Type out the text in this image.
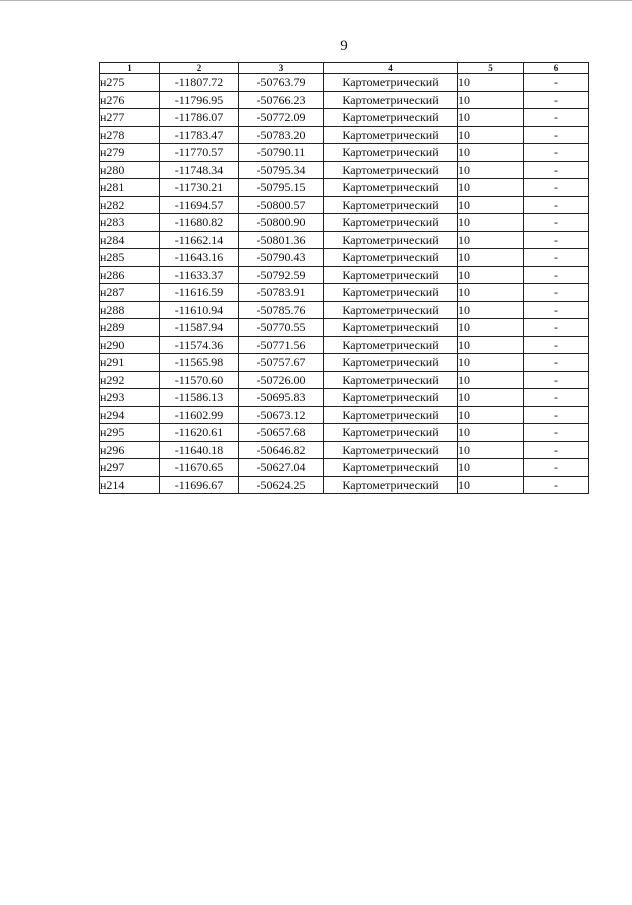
9
1	2	3	4	5	6
н275	-11807.72	-50763.79	Картометрический	10	-
н276	-11796.95	-50766.23	Картометрический	10	-
н277	-11786.07	-50772.09	Картометрический	10	-
н278	-11783.47	-50783.20	Картометрический	10	-
н279	-11770.57	-50790.11	Картометрический	10	-
н280	-11748.34	-50795.34	Картометрический	10	-
н281	-11730.21	-50795.15	Картометрический	10	-
н282	-11694.57	-50800.57	Картометрический	10	-
н283	-11680.82	-50800.90	Картометрический	10	-
н284	-11662.14	-50801.36	Картометрический	10	-
н285	-11643.16	-50790.43	Картометрический	10	-
н286	-11633.37	-50792.59	Картометрический	10	-
н287	-11616.59	-50783.91	Картометрический	10	-
н288	-11610.94	-50785.76	Картометрический	10	-
н289	-11587.94	-50770.55	Картометрический	10	-
н290	-11574.36	-50771.56	Картометрический	10	-
н291	-11565.98	-50757.67	Картометрический	10	-
н292	-11570.60	-50726.00	Картометрический	10	-
н293	-11586.13	-50695.83	Картометрический	10	-
н294	-11602.99	-50673.12	Картометрический	10	-
н295	-11620.61	-50657.68	Картометрический	10	-
н296	-11640.18	-50646.82	Картометрический	10	-
н297	-11670.65	-50627.04	Картометрический	10	-
н214	-11696.67	-50624.25	Картометрический	10	-
